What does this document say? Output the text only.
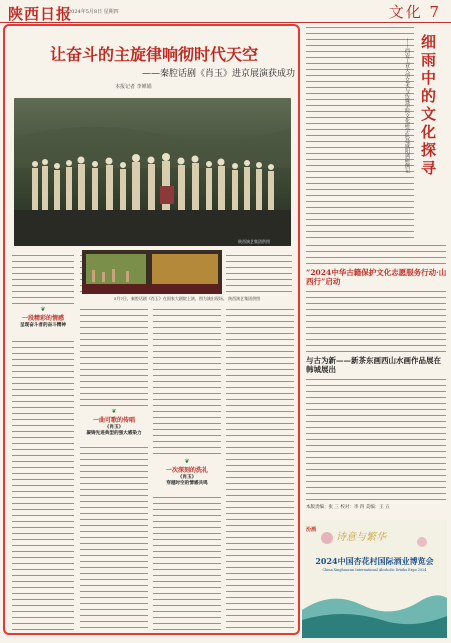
陕西日报
2024年5月8日 星期四	文化 7
让奋斗的主旋律响彻时代天空
——秦腔话剧《肖玉》进京展演获成功
本报记者 李婵娟
陕西演艺集团供图
❦
一段精彩的情感
呈现奋斗者的奋斗精神
5月7日，秦腔话剧《肖玉》在国家大剧院上演，图为演出现场。 陕西演艺集团供图
❦
一曲可歌的传唱
《肖玉》
凝铸先进典型的强大感染力
❦
一次深刻的洗礼
《肖玉》
穿越时空的情感共鸣
细雨中的文化探寻
——西安工业大学艺术与传媒学院文化研学队赴咸阳调研侧记
“2024中华古籍保护文化志愿服务行动·山西行”启动
与古为新——新茶东画西山水画作品展在韩城展出
本版责编：张 三 校对：李 四 美编：王 五
诗意与繁华
汾酒
2024中国杏花村国际酒业博览会
China Xinghuacun International Alcoholic Drinks Expo 2024
